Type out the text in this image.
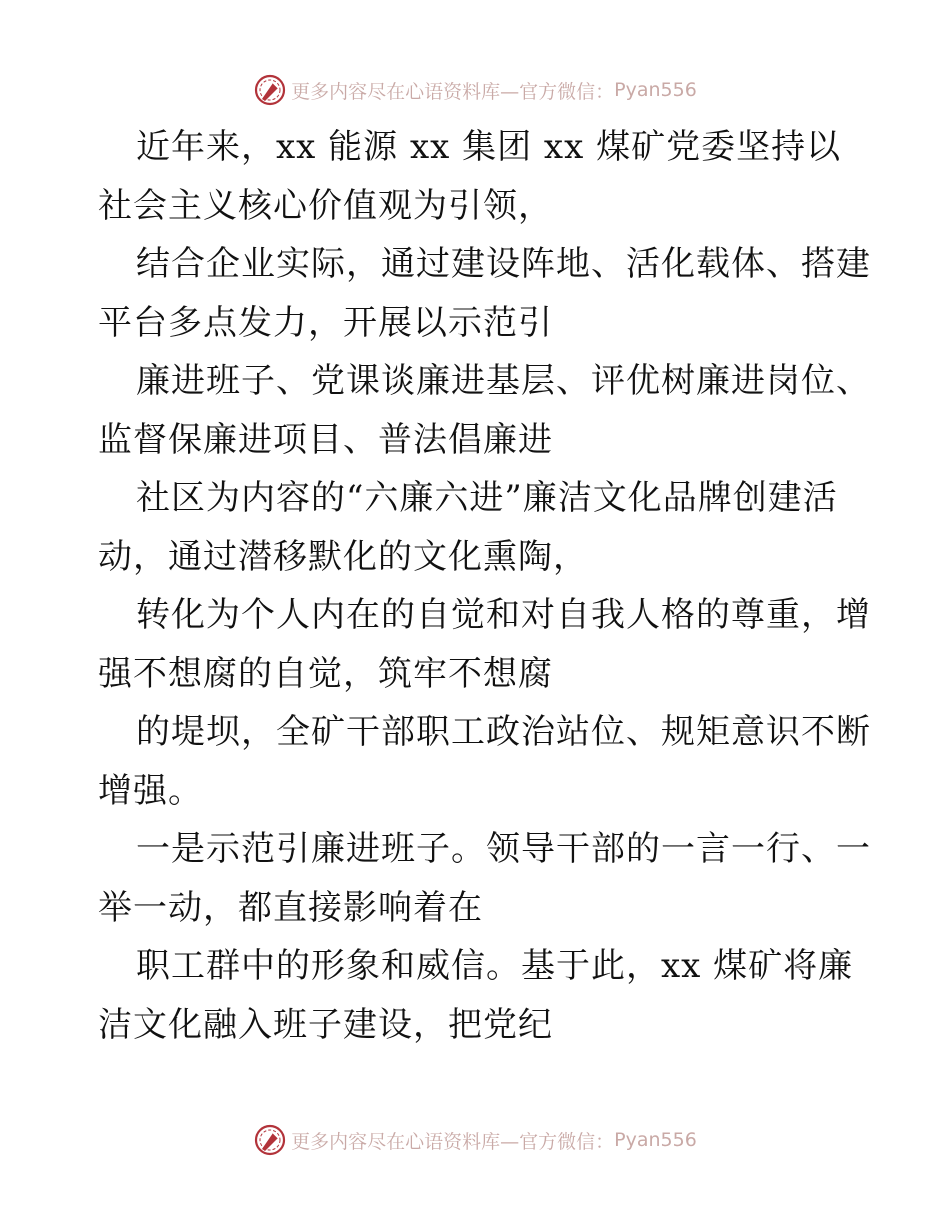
更多内容尽在心语资料库—官方微信： Pyan556
近年来，xx 能源 xx 集团 xx 煤矿党委坚持以
社会主义核心价值观为引领，
结合企业实际，通过建设阵地、活化载体、搭建
平台多点发力，开展以示范引
廉进班子、党课谈廉进基层、评优树廉进岗位、
监督保廉进项目、普法倡廉进
社区为内容的“六廉六进”廉洁文化品牌创建活
动，通过潜移默化的文化熏陶，
转化为个人内在的自觉和对自我人格的尊重，增
强不想腐的自觉，筑牢不想腐
的堤坝，全矿干部职工政治站位、规矩意识不断
增强。
一是示范引廉进班子。领导干部的一言一行、一
举一动，都直接影响着在
职工群中的形象和威信。基于此，xx 煤矿将廉
洁文化融入班子建设，把党纪
更多内容尽在心语资料库—官方微信： Pyan556
